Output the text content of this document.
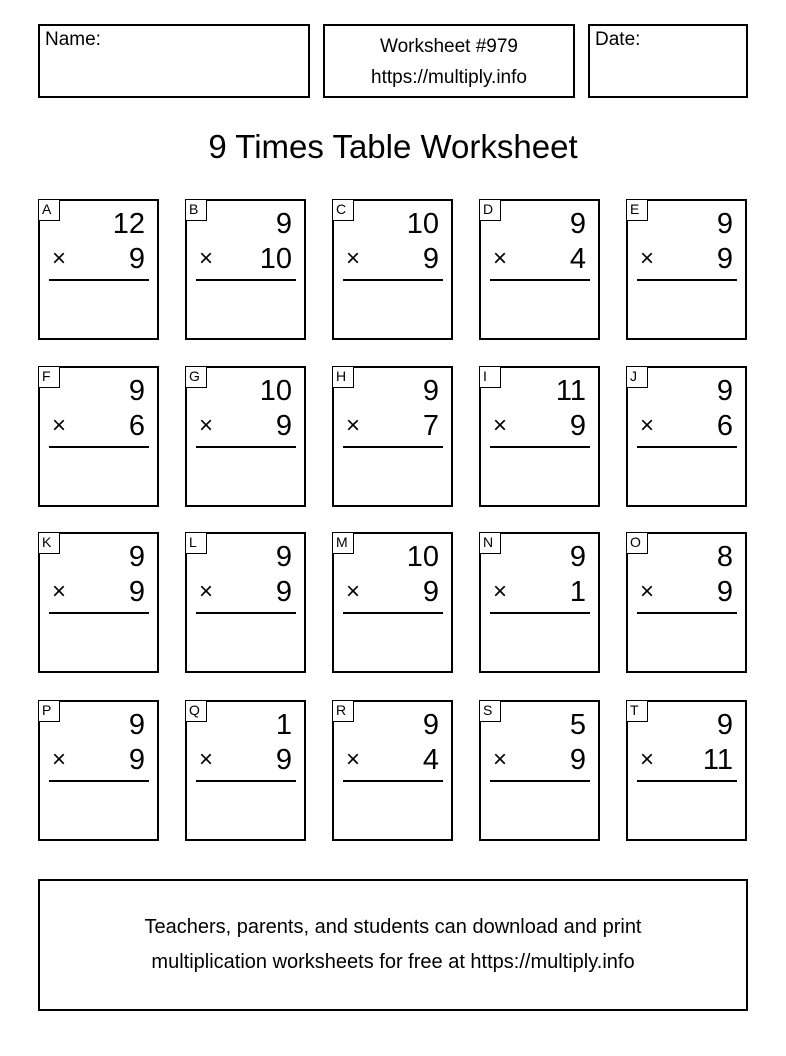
Name:	Worksheet #979
https://multiply.info
Date:
9 Times Table Worksheet
A 12
× 9
B	9
× 10
C 10
× 9
D	9
× 4
E	9
× 9
F	9
× 6
G 10
× 9
H	9
× 7
I	11
× 9
J	9
× 6
K	9
× 9
L	9
× 9
M 10
× 9
N	9
× 1
O	8
× 9
P	9
× 9
Q	1
× 9
R	9
× 4
S	5
× 9
T	9
× 11
Teachers, parents, and students can download and print
multiplication worksheets for free at https://multiply.info
